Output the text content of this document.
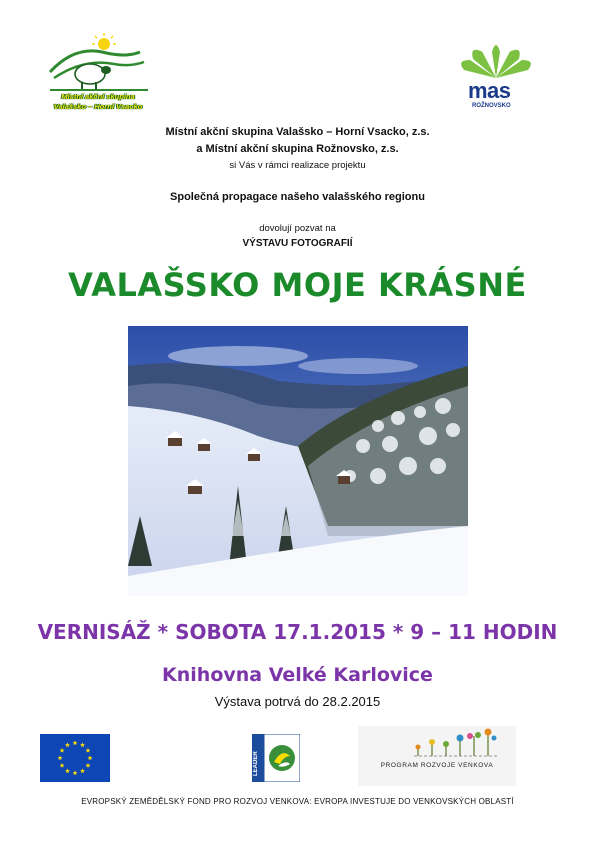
Místní akční skupina
Valašsko – Horní Vsacko
mas
ROŽNOVSKO
Místní akční skupina Valašsko – Horní Vsacko, z.s.
a Místní akční skupina Rožnovsko, z.s.
si Vás v rámci realizace projektu
Společná propagace našeho valašského regionu
dovolují pozvat na
VÝSTAVU FOTOGRAFIÍ
VALAŠSKO MOJE KRÁSNÉ
VERNISÁŽ * SOBOTA 17.1.2015 * 9 – 11 HODIN
Knihovna Velké Karlovice
Výstava potrvá do 28.2.2015
LEADER	PROGRAM ROZVOJE VENKOVA
EVROPSKÝ ZEMĚDĚLSKÝ FOND PRO ROZVOJ VENKOVA: EVROPA INVESTUJE DO VENKOVSKÝCH OBLASTÍ
